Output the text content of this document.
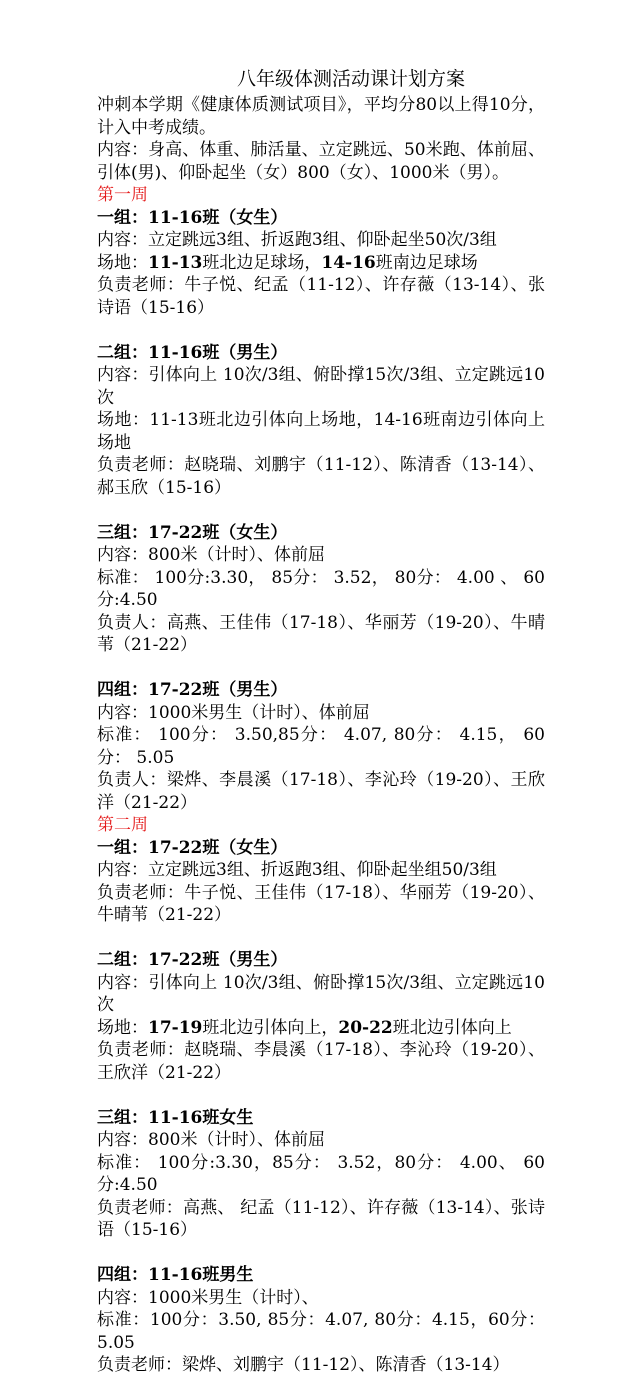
八年级体测活动课计划方案

冲刺本学期《健康体质测试项目》，平均分80以上得10分，计入中考成绩。

内容：身高、体重、肺活量、立定跳远、50米跑、体前屈、引体(男)、仰卧起坐（女）800（女）、1000米（男）。

第一周

一组：11-16班（女生）

内容：立定跳远3组、折返跑3组、仰卧起坐50次/3组

场地：11-13班北边足球场，14-16班南边足球场

负责老师：牛子悦、纪孟（11-12）、许存薇（13-14）、张诗语（15-16）

二组：11-16班（男生）

内容：引体向上 10次/3组、俯卧撑15次/3组、立定跳远10次

场地：11-13班北边引体向上场地，14-16班南边引体向上场地

负责老师：赵晓瑞、刘鹏宇（11-12）、陈清香（13-14）、郝玉欣（15-16）

三组：17-22班（女生）

内容：800米（计时）、体前屈

标准： 100分:3.30， 85分： 3.52， 80分： 4.00 、 60分:4.50

负责人：高燕、王佳伟（17-18）、华丽芳（19-20）、牛晴苇（21-22）

四组：17-22班（男生）

内容：1000米男生（计时）、体前屈

标准： 100分： 3.50,85分： 4.07, 80分： 4.15， 60分： 5.05

负责人：梁烨、李晨溪（17-18）、李沁玲（19-20）、王欣洋（21-22）

第二周

一组：17-22班（女生）

内容：立定跳远3组、折返跑3组、仰卧起坐组50/3组

负责老师：牛子悦、王佳伟（17-18）、华丽芳（19-20）、牛晴苇（21-22）

二组：17-22班（男生）

内容：引体向上 10次/3组、俯卧撑15次/3组、立定跳远10次

场地：17-19班北边引体向上，20-22班北边引体向上

负责老师：赵晓瑞、李晨溪（17-18）、李沁玲（19-20）、王欣洋（21-22）

三组：11-16班女生

内容：800米（计时）、体前屈

标准： 100分:3.30，85分： 3.52，80分： 4.00、 60分:4.50

负责老师：高燕、 纪孟（11-12）、许存薇（13-14）、张诗语（15-16）

四组：11-16班男生

内容：1000米男生（计时）、

标准：100分：3.50, 85分：4.07, 80分：4.15，60分：5.05

负责老师：梁烨、刘鹏宇（11-12）、陈清香（13-14）
